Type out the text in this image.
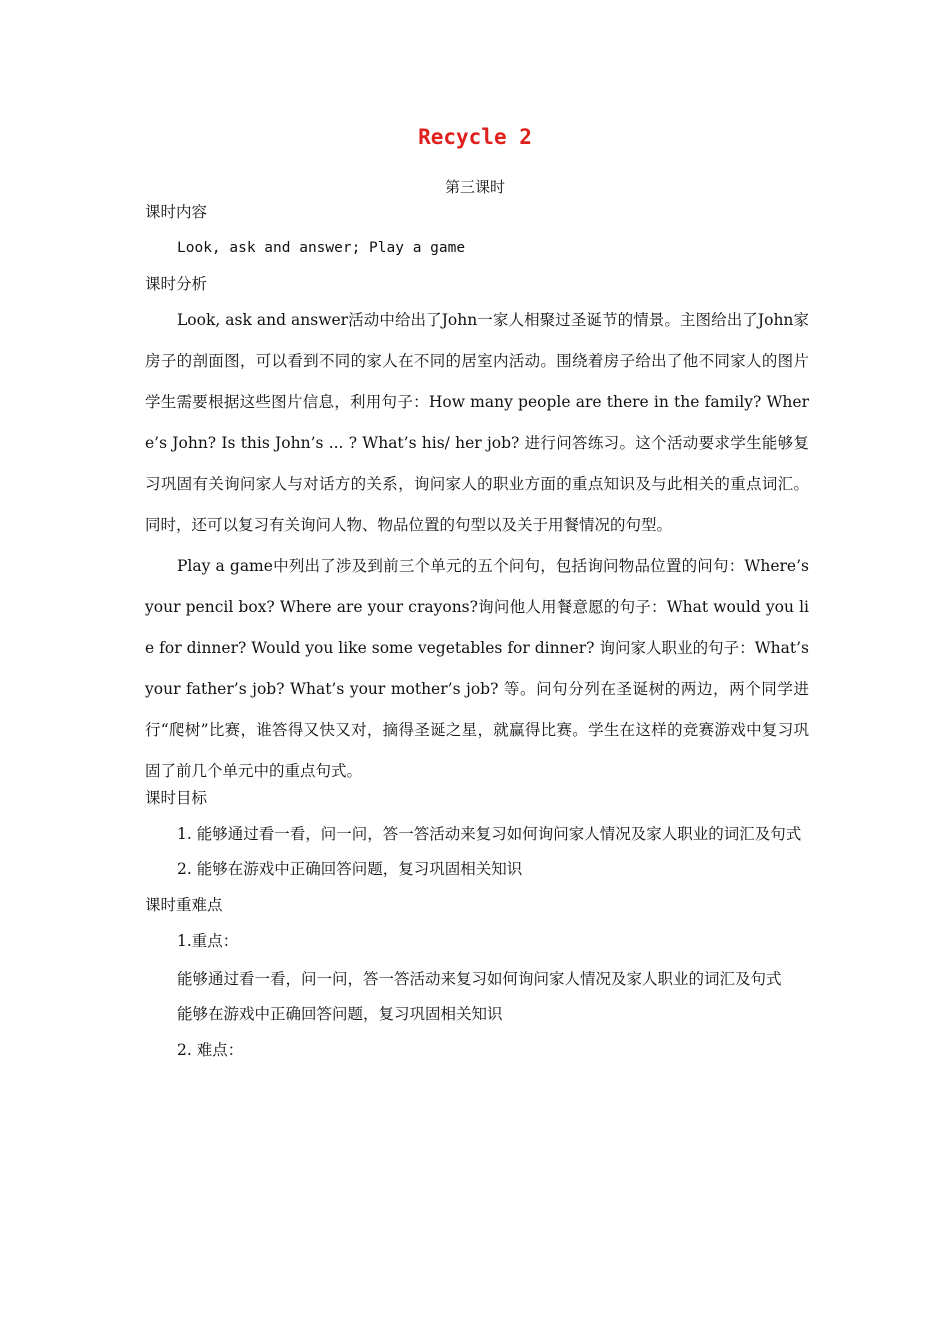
Recycle 2

第三课时

课时内容

Look, ask and answer; Play a game

课时分析

Look, ask and answer活动中给出了John一家人相聚过圣诞节的情景。主图给出了John家房子的剖面图，可以看到不同的家人在不同的居室内活动。围绕着房子给出了他不同家人的图片学生需要根据这些图片信息，利用句子：How many people are there in the family? Where’s John? Is this John’s ... ? What’s his/ her job? 进行问答练习。这个活动要求学生能够复习巩固有关询问家人与对话方的关系，询问家人的职业方面的重点知识及与此相关的重点词汇。同时，还可以复习有关询问人物、物品位置的句型以及关于用餐情况的句型。

Play a game中列出了涉及到前三个单元的五个问句，包括询问物品位置的问句：Where’s your pencil box? Where are your crayons?询问他人用餐意愿的句子：What would you lie for dinner? Would you like some vegetables for dinner? 询问家人职业的句子：What’s your father’s job? What’s your mother’s job? 等。问句分列在圣诞树的两边，两个同学进行“爬树”比赛，谁答得又快又对，摘得圣诞之星，就赢得比赛。学生在这样的竞赛游戏中复习巩固了前几个单元中的重点句式。

课时目标

1. 能够通过看一看，问一问，答一答活动来复习如何询问家人情况及家人职业的词汇及句式

2. 能够在游戏中正确回答问题，复习巩固相关知识

课时重难点

1.重点：

能够通过看一看，问一问，答一答活动来复习如何询问家人情况及家人职业的词汇及句式

能够在游戏中正确回答问题，复习巩固相关知识

2. 难点：
